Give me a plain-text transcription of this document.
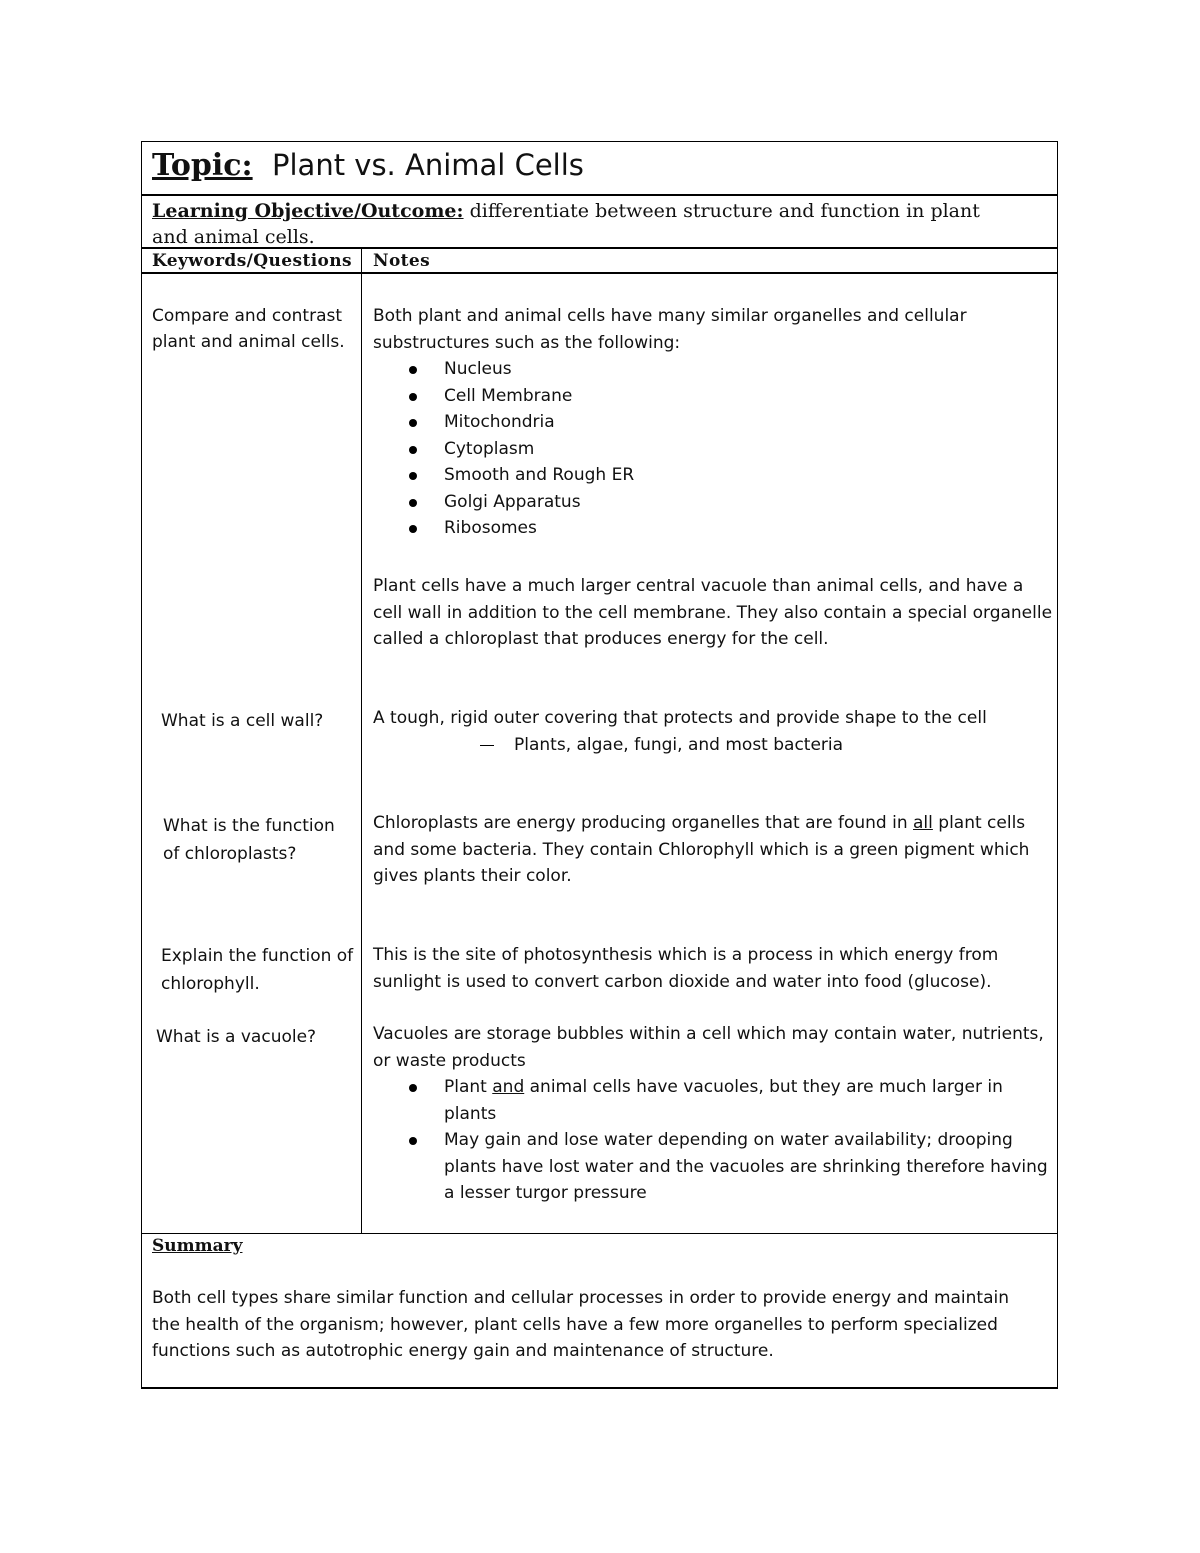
Topic: Plant vs. Animal Cells
Learning Objective/Outcome: differentiate between structure and function in plant and animal cells.
Keywords/Questions Notes
Compare and contrast plant and animal cells.
Both plant and animal cells have many similar organelles and cellular substructures such as the following:
Nucleus
Cell Membrane
Mitochondria
Cytoplasm
Smooth and Rough ER
Golgi Apparatus
Ribosomes
Plant cells have a much larger central vacuole than animal cells, and have a cell wall in addition to the cell membrane. They also contain a special organelle called a chloroplast that produces energy for the cell.
What is a cell wall?	A tough, rigid outer covering that protects and provide shape to the cell
Plants, algae, fungi, and most bacteria
What is the function of chloroplasts?
Chloroplasts are energy producing organelles that are found in all plant cells and some bacteria. They contain Chlorophyll which is a green pigment which gives plants their color.
Explain the function of chlorophyll.
This is the site of photosynthesis which is a process in which energy from sunlight is used to convert carbon dioxide and water into food (glucose).
What is a vacuole?	Vacuoles are storage bubbles within a cell which may contain water, nutrients, or waste products
Plant and animal cells have vacuoles, but they are much larger in plants
May gain and lose water depending on water availability; drooping plants have lost water and the vacuoles are shrinking therefore having a lesser turgor pressure
Summary
Both cell types share similar function and cellular processes in order to provide energy and maintain the health of the organism; however, plant cells have a few more organelles to perform specialized functions such as autotrophic energy gain and maintenance of structure.
